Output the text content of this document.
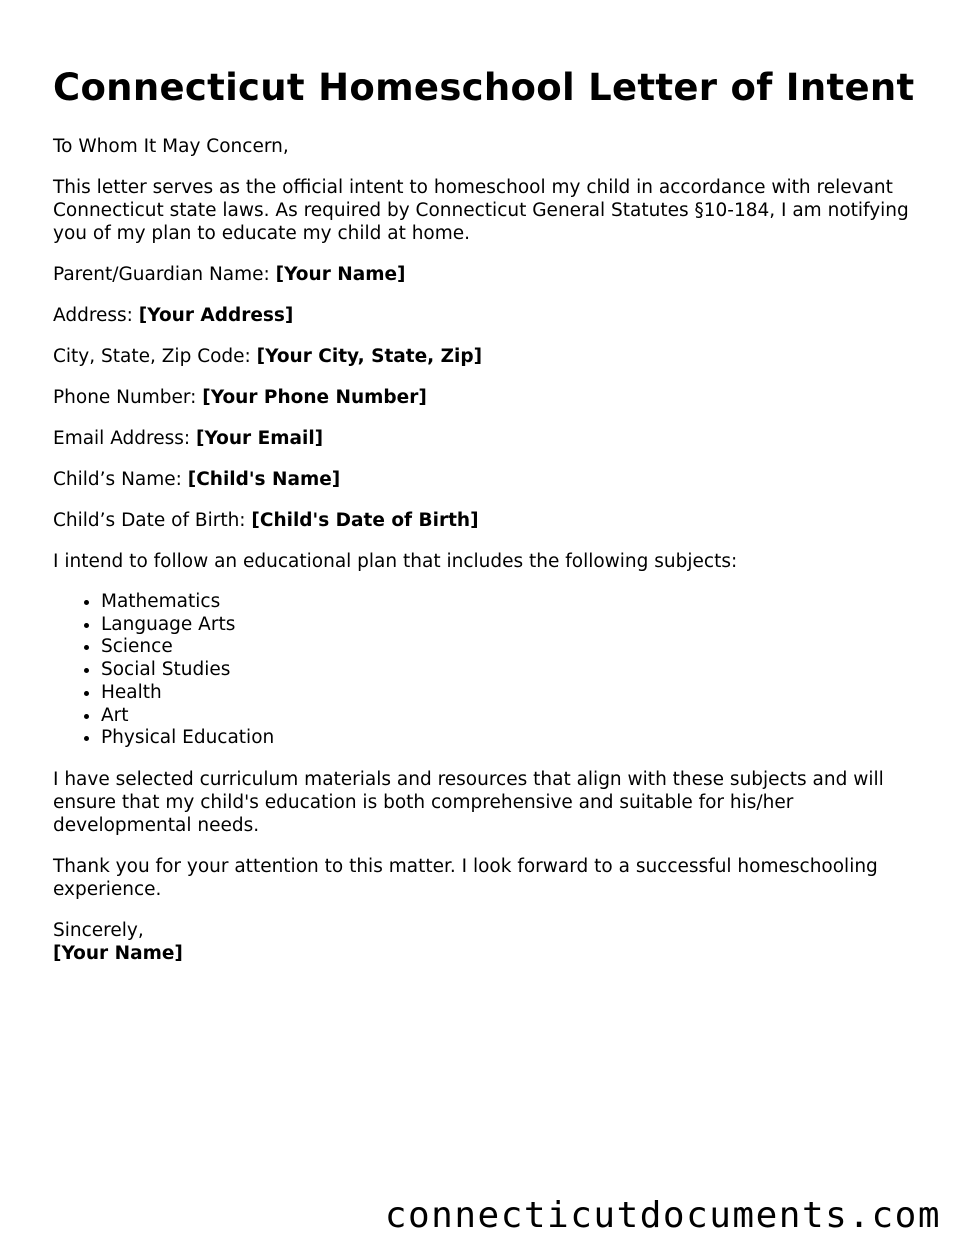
Connecticut Homeschool Letter of Intent

To Whom It May Concern,

This letter serves as the official intent to homeschool my child in accordance with relevant Connecticut state laws. As required by Connecticut General Statutes §10-184, I am notifying you of my plan to educate my child at home.

Parent/Guardian Name: [Your Name]

Address: [Your Address]

City, State, Zip Code: [Your City, State, Zip]

Phone Number: [Your Phone Number]

Email Address: [Your Email]

Child’s Name: [Child's Name]

Child’s Date of Birth: [Child's Date of Birth]

I intend to follow an educational plan that includes the following subjects:

• Mathematics
• Language Arts
• Science
• Social Studies
• Health
• Art
• Physical Education

I have selected curriculum materials and resources that align with these subjects and will ensure that my child's education is both comprehensive and suitable for his/her developmental needs.

Thank you for your attention to this matter. I look forward to a successful homeschooling experience.

Sincerely,

[Your Name]

connecticutdocuments.com
